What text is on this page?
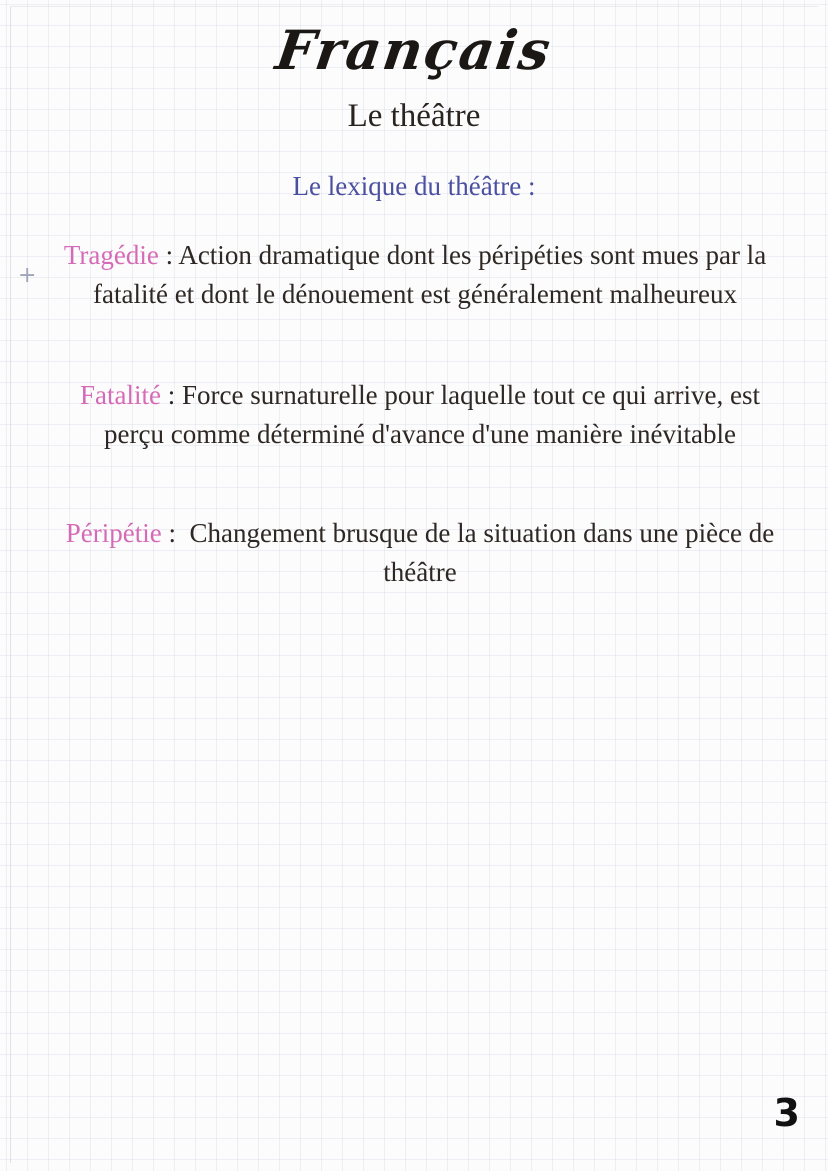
Français
Le théâtre
Le lexique du théâtre :
+
Tragédie : Action dramatique dont les péripéties sont mues par la fatalité et dont le dénouement est généralement malheureux
Fatalité : Force surnaturelle pour laquelle tout ce qui arrive, est perçu comme déterminé d'avance d'une manière inévitable
Péripétie :  Changement brusque de la situation dans une pièce de théâtre
3
